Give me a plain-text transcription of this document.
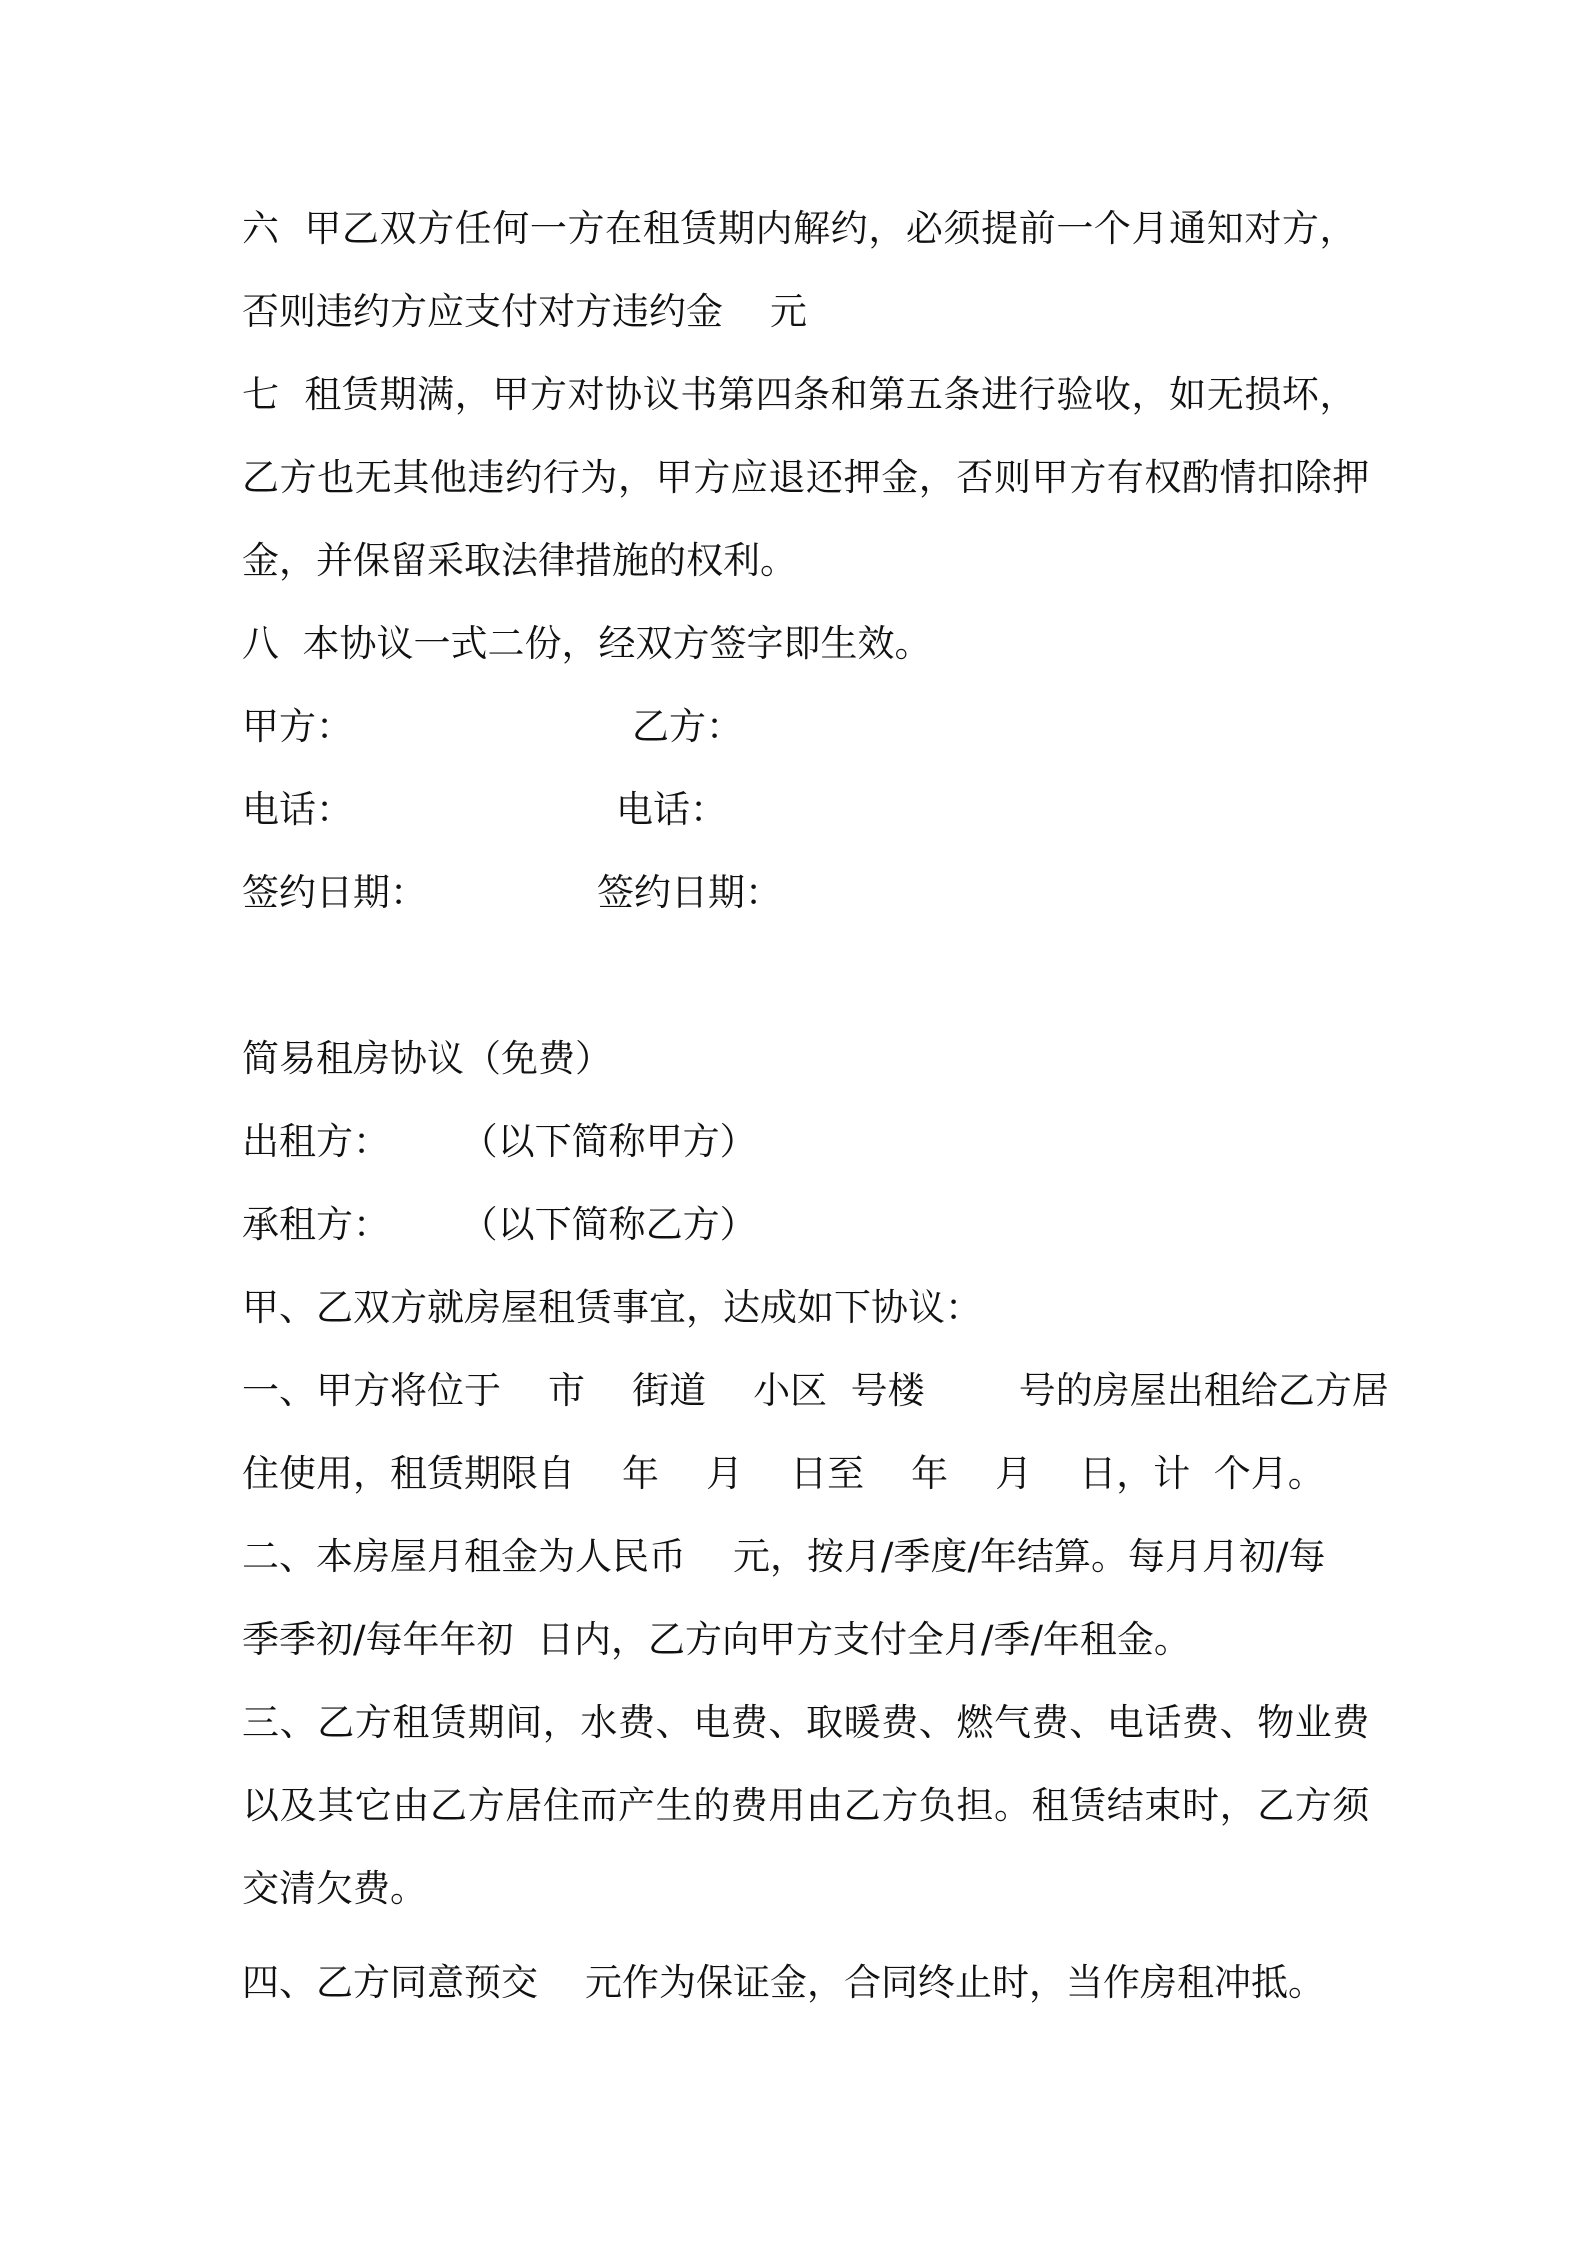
六  甲乙双方任何一方在租赁期内解约，必须提前一个月通知对方，
否则违约方应支付对方违约金    元
七  租赁期满，甲方对协议书第四条和第五条进行验收，如无损坏，
乙方也无其他违约行为，甲方应退还押金，否则甲方有权酌情扣除押
金，并保留采取法律措施的权利。
八  本协议一式二份，经双方签字即生效。
甲方：	乙方：
电话：	电话：
签约日期：	签约日期：
简易租房协议（免费）
出租方：      （以下简称甲方）
承租方：      （以下简称乙方）
甲、乙双方就房屋租赁事宜，达成如下协议：
一、甲方将位于    市    街道    小区  号楼        号的房屋出租给乙方居
住使用，租赁期限自    年    月    日至    年    月    日，计  个月。
二、本房屋月租金为人民币    元，按月/季度/年结算。每月月初/每
季季初/每年年初  日内，乙方向甲方支付全月/季/年租金。
三、乙方租赁期间，水费、电费、取暖费、燃气费、电话费、物业费
以及其它由乙方居住而产生的费用由乙方负担。租赁结束时，乙方须
交清欠费。
四、乙方同意预交    元作为保证金，合同终止时，当作房租冲抵。
